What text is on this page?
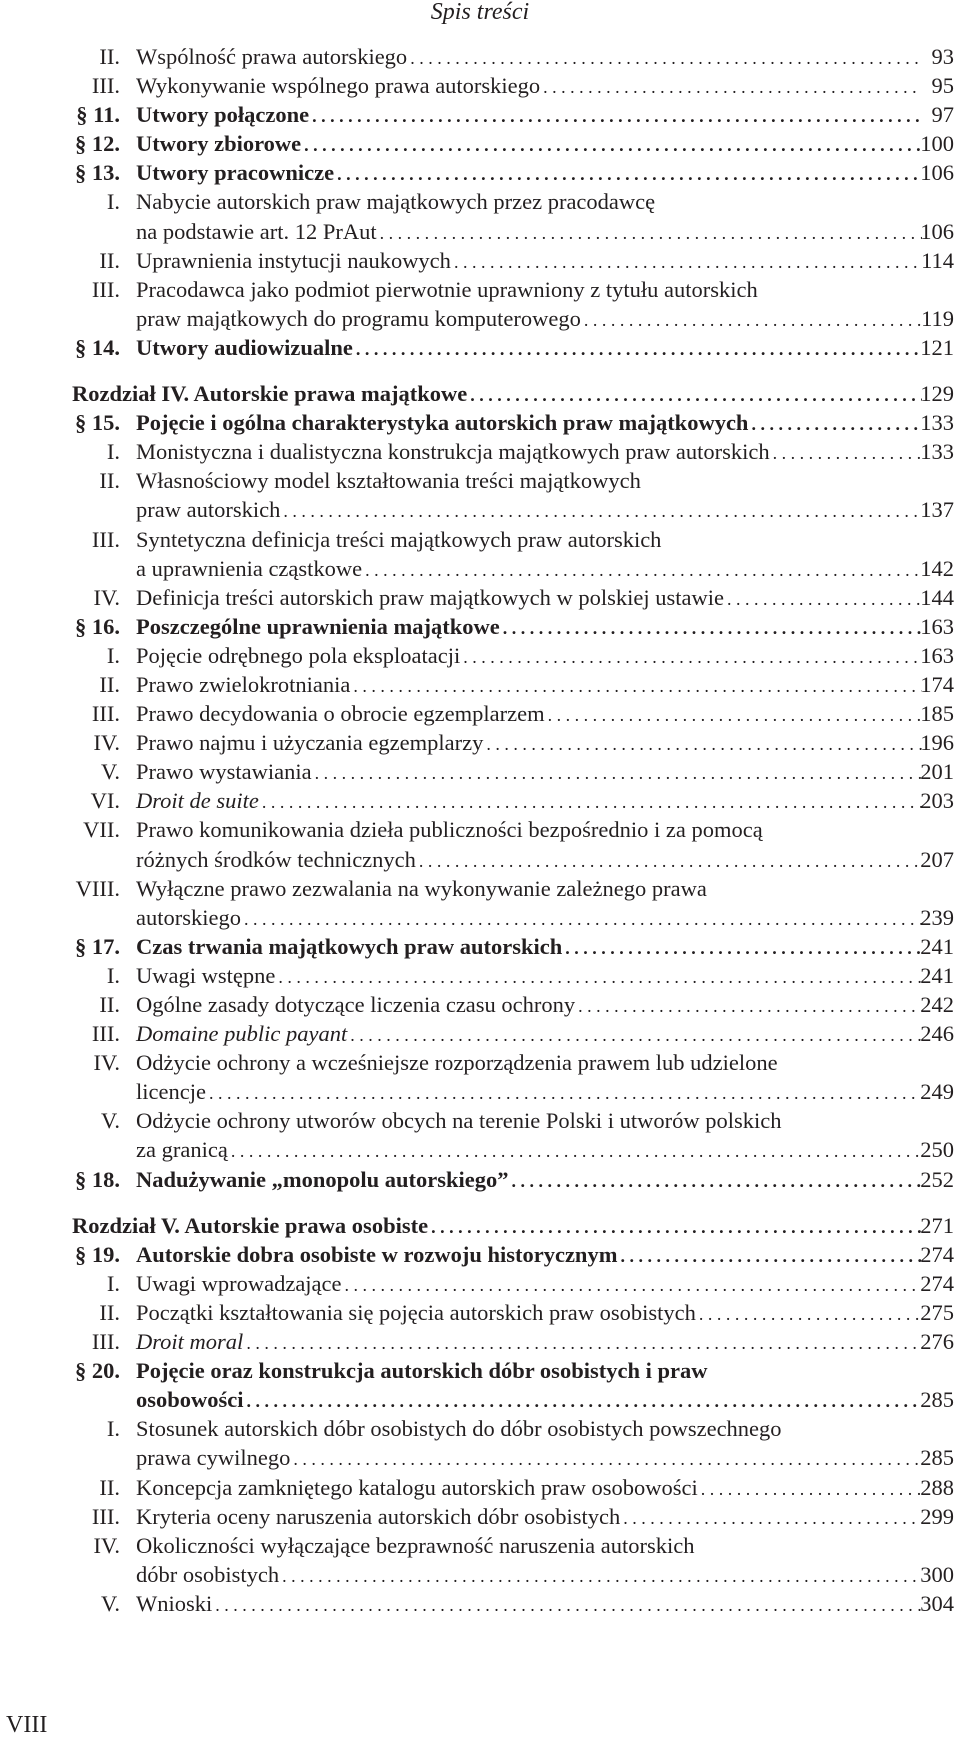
Spis treści
II. Wspólność prawa autorskiego . . .	93
III. Wykonywanie wspólnego prawa autorskiego . . .	95
§ 11. Utwory połączone . . .	97
§ 12. Utwory zbiorowe . . .	100
§ 13. Utwory pracownicze . . .	106
I. Nabycie autorskich praw majątkowych przez pracodawcę
na podstawie art. 12 PrAut . . .	106
II. Uprawnienia instytucji naukowych . . .	114
III. Pracodawca jako podmiot pierwotnie uprawniony z tytułu autorskich
praw majątkowych do programu komputerowego . . .	119
§ 14. Utwory audiowizualne . . .	121
Rozdział IV. Autorskie prawa majątkowe . . .	129
§ 15. Pojęcie i ogólna charakterystyka autorskich praw majątkowych . . .	133
I. Monistyczna i dualistyczna konstrukcja majątkowych praw autorskich . . .	133
II. Własnościowy model kształtowania treści majątkowych
praw autorskich . . .	137
III. Syntetyczna definicja treści majątkowych praw autorskich
a uprawnienia cząstkowe . . .	142
IV. Definicja treści autorskich praw majątkowych w polskiej ustawie . . .	144
§ 16. Poszczególne uprawnienia majątkowe . . .	163
I. Pojęcie odrębnego pola eksploatacji . . .	163
II. Prawo zwielokrotniania . . .	174
III. Prawo decydowania o obrocie egzemplarzem . . .	185
IV. Prawo najmu i użyczania egzemplarzy . . .	196
V. Prawo wystawiania . . .	201
VI. Droit de suite . . .	203
VII. Prawo komunikowania dzieła publiczności bezpośrednio i za pomocą
różnych środków technicznych . . .	207
VIII. Wyłączne prawo zezwalania na wykonywanie zależnego prawa
autorskiego . . .	239
§ 17. Czas trwania majątkowych praw autorskich . . .	241
I. Uwagi wstępne . . .	241
II. Ogólne zasady dotyczące liczenia czasu ochrony . . .	242
III. Domaine public payant . . .	246
IV. Odżycie ochrony a wcześniejsze rozporządzenia prawem lub udzielone
licencje . . .	249
V. Odżycie ochrony utworów obcych na terenie Polski i utworów polskich
za granicą . . .	250
§ 18. Nadużywanie „monopolu autorskiego” . . .	252
Rozdział V. Autorskie prawa osobiste . . .	271
§ 19. Autorskie dobra osobiste w rozwoju historycznym . . .	274
I. Uwagi wprowadzające . . .	274
II. Początki kształtowania się pojęcia autorskich praw osobistych . . .	275
III. Droit moral . . .	276
§ 20. Pojęcie oraz konstrukcja autorskich dóbr osobistych i praw
osobowości . . .	285
I. Stosunek autorskich dóbr osobistych do dóbr osobistych powszechnego
prawa cywilnego . . .	285
II. Koncepcja zamkniętego katalogu autorskich praw osobowości . . .	288
III. Kryteria oceny naruszenia autorskich dóbr osobistych . . .	299
IV. Okoliczności wyłączające bezprawność naruszenia autorskich
dóbr osobistych . . .	300
V. Wnioski . . .	304
VIII
